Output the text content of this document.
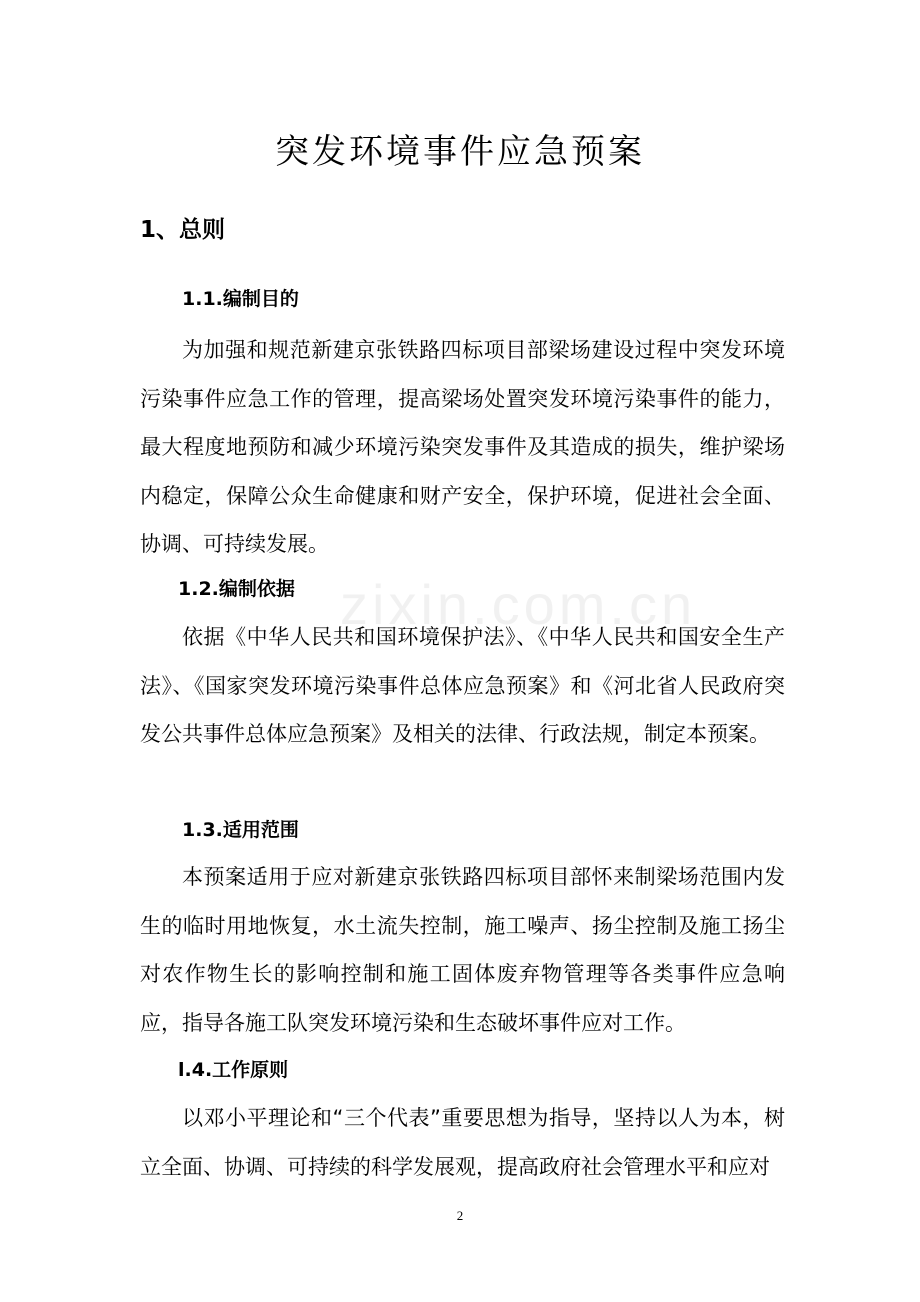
zixin.com.cn
突发环境事件应急预案
1、总则
1.1.编制目的
为加强和规范新建京张铁路四标项目部梁场建设过程中突发环境污染事件应急工作的管理，提高梁场处置突发环境污染事件的能力，最大程度地预防和减少环境污染突发事件及其造成的损失，维护梁场内稳定，保障公众生命健康和财产安全，保护环境，促进社会全面、协调、可持续发展。
1.2.编制依据
依据《中华人民共和国环境保护法》、《中华人民共和国安全生产法》、《国家突发环境污染事件总体应急预案》和《河北省人民政府突发公共事件总体应急预案》及相关的法律、行政法规，制定本预案。
1.3.适用范围
本预案适用于应对新建京张铁路四标项目部怀来制梁场范围内发生的临时用地恢复，水土流失控制，施工噪声、扬尘控制及施工扬尘对农作物生长的影响控制和施工固体废弃物管理等各类事件应急响应，指导各施工队突发环境污染和生态破坏事件应对工作。
l.4.工作原则
以邓小平理论和“三个代表”重要思想为指导，坚持以人为本，树立全面、协调、可持续的科学发展观，提高政府社会管理水平和应对
2
